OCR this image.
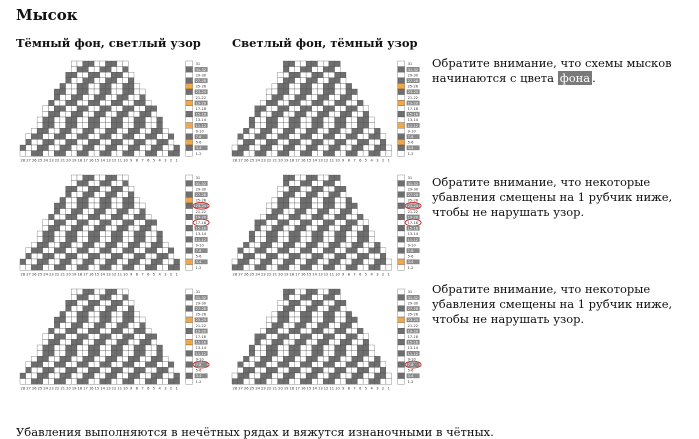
Мысок
Тёмный фон, светлый узор	Светлый фон, тёмный узор
28 27 26 25 24 23 22 21 20 19 18 17 16 15 14 13 12 11 10 9 8 7 6 5 4 3 2 1
31
31-32
29-30
27-28
25-26
23-24
21-22
19-20
17-18
15-16
13-14
11-12
9-10
7-8
5-6
3-4
1-2
28 27 26 25 24 23 22 21 20 19 18 17 16 15 14 13 12 11 10 9 8 7 6 5 4 3 2 1
31
31-32
29-30
27-28
25-26
23-24
21-22
19-20
17-18
15-16
13-14
11-12
9-10
7-8
5-6
3-4
1-2
28 27 26 25 24 23 22 21 20 19 18 17 16 15 14 13 12 11 10 9 8 7 6 5 4 3 2 1
31
31-32
29-30
27-28
25-26
23-24
21-22
19-20
17-18
15-16
13-14
11-12
9-10
7-8
5-6
3-4
1-2
28 27 26 25 24 23 22 21 20 19 18 17 16 15 14 13 12 11 10 9 8 7 6 5 4 3 2 1
31
31-32
29-30
27-28
25-26
23-24
21-22
19-20
17-18
15-16
13-14
11-12
9-10
7-8
5-6
3-4
1-2
28 27 26 25 24 23 22 21 20 19 18 17 16 15 14 13 12 11 10 9 8 7 6 5 4 3 2 1
31
31-32
29-30
27-28
25-26
23-24
21-22
19-20
17-18
15-16
13-14
11-12
9-10
7-8
5-6
3-4
1-2
28 27 26 25 24 23 22 21 20 19 18 17 16 15 14 13 12 11 10 9 8 7 6 5 4 3 2 1
31
31-32
29-30
27-28
25-26
23-24
21-22
19-20
17-18
15-16
13-14
11-12
9-10
7-8
5-6
3-4
1-2

Обратите внимание, что схемы мысков начинаются с цвета фона .

Обратите внимание, что некоторые убавления смещены на 1 рубчик ниже, чтобы не нарушать узор.

Обратите внимание, что некоторые убавления смещены на 1 рубчик ниже, чтобы не нарушать узор.

Убавления выполняются в нечётных рядах и вяжутся изнаночными в чётных.
